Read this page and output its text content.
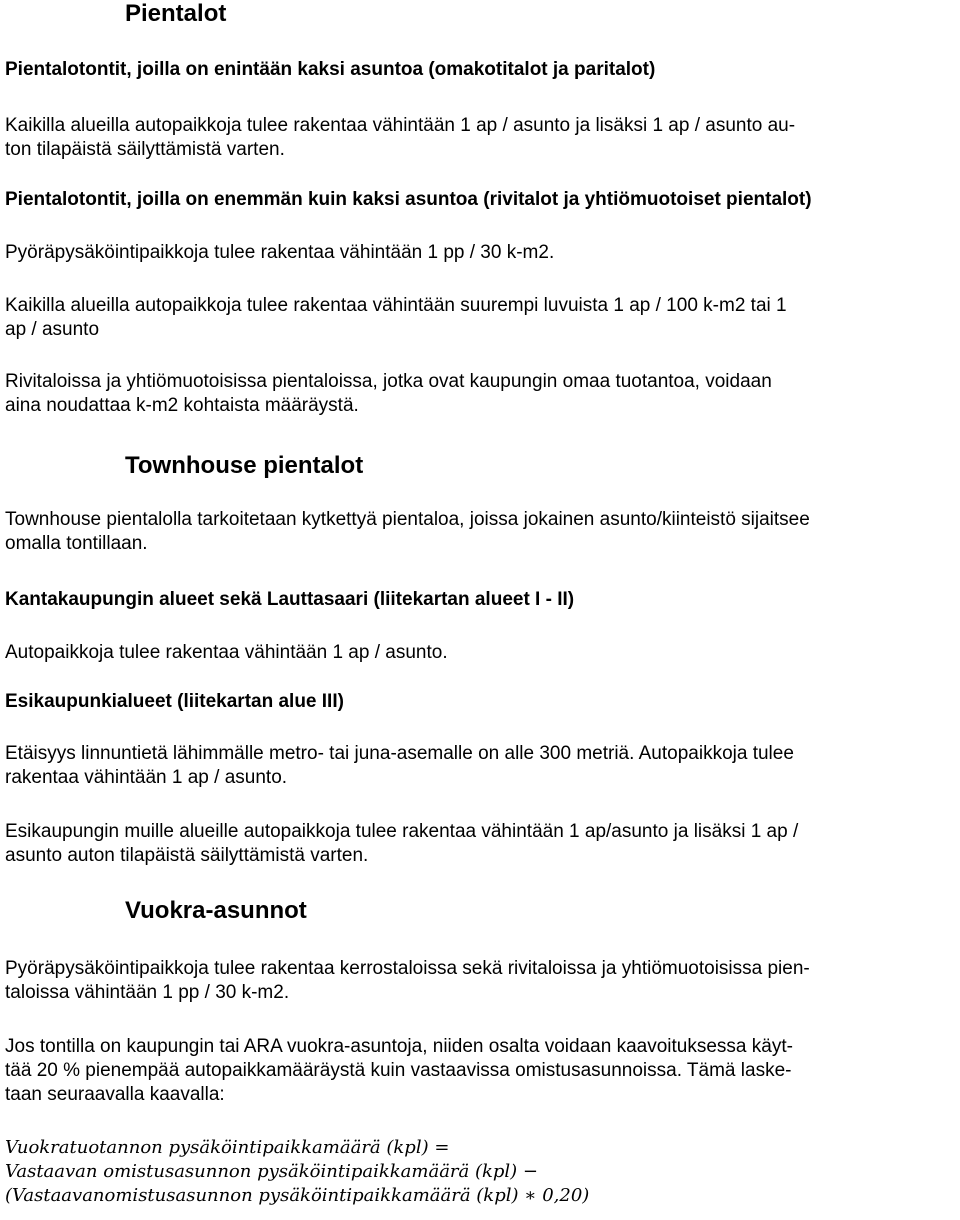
Pientalot
Pientalotontit, joilla on enintään kaksi asuntoa (omakotitalot ja paritalot)
Kaikilla alueilla autopaikkoja tulee rakentaa vähintään 1 ap / asunto ja lisäksi 1 ap / asunto au-
ton tilapäistä säilyttämistä varten.
Pientalotontit, joilla on enemmän kuin kaksi asuntoa (rivitalot ja yhtiömuotoiset pientalot)
Pyöräpysäköintipaikkoja tulee rakentaa vähintään 1 pp / 30 k-m2.
Kaikilla alueilla autopaikkoja tulee rakentaa vähintään suurempi luvuista 1 ap / 100 k-m2 tai 1
ap / asunto
Rivitaloissa ja yhtiömuotoisissa pientaloissa, jotka ovat kaupungin omaa tuotantoa, voidaan
aina noudattaa k-m2 kohtaista määräystä.
Townhouse pientalot
Townhouse pientalolla tarkoitetaan kytkettyä pientaloa, joissa jokainen asunto/kiinteistö sijaitsee
omalla tontillaan.
Kantakaupungin alueet sekä Lauttasaari (liitekartan alueet I - II)
Autopaikkoja tulee rakentaa vähintään 1 ap / asunto.
Esikaupunkialueet (liitekartan alue III)
Etäisyys linnuntietä lähimmälle metro- tai juna-asemalle on alle 300 metriä. Autopaikkoja tulee
rakentaa vähintään 1 ap / asunto.
Esikaupungin muille alueille autopaikkoja tulee rakentaa vähintään 1 ap/asunto ja lisäksi 1 ap /
asunto auton tilapäistä säilyttämistä varten.
Vuokra-asunnot
Pyöräpysäköintipaikkoja tulee rakentaa kerrostaloissa sekä rivitaloissa ja yhtiömuotoisissa pien-
taloissa vähintään 1 pp / 30 k-m2.
Jos tontilla on kaupungin tai ARA vuokra-asuntoja, niiden osalta voidaan kaavoituksessa käyt-
tää 20 % pienempää autopaikkamääräystä kuin vastaavissa omistusasunnoissa. Tämä laske-
taan seuraavalla kaavalla:
Vuokratuotannon pysäköintipaikkamäärä (kpl) =
Vastaavan omistusasunnon pysäköintipaikkamäärä (kpl) −
(Vastaavanomistusasunnon pysäköintipaikkamäärä (kpl) ∗ 0,20)
